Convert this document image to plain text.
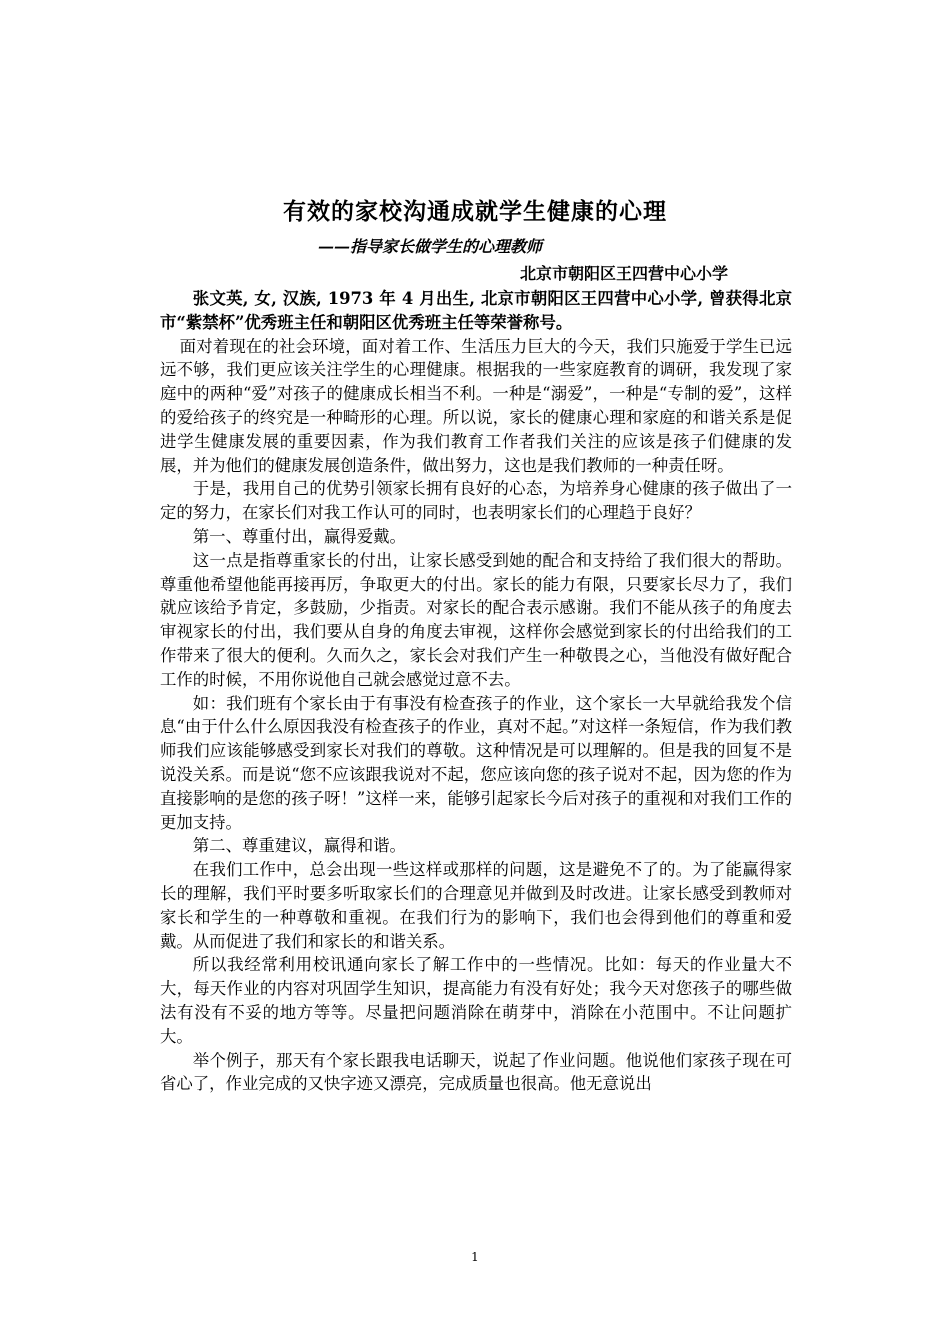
有效的家校沟通成就学生健康的心理
——指导家长做学生的心理教师
北京市朝阳区王四营中心小学

张文英, 女, 汉族, 1973 年 4 月出生, 北京市朝阳区王四营中心小学, 曾获得北京市“紫禁杯”优秀班主任和朝阳区优秀班主任等荣誉称号。

面对着现在的社会环境，面对着工作、生活压力巨大的今天，我们只施爱于学生已远远不够，我们更应该关注学生的心理健康。根据我的一些家庭教育的调研，我发现了家庭中的两种“爱”对孩子的健康成长相当不利。一种是“溺爱”，一种是“专制的爱”，这样的爱给孩子的终究是一种畸形的心理。所以说，家长的健康心理和家庭的和谐关系是促进学生健康发展的重要因素，作为我们教育工作者我们关注的应该是孩子们健康的发展，并为他们的健康发展创造条件，做出努力，这也是我们教师的一种责任呀。

于是，我用自己的优势引领家长拥有良好的心态，为培养身心健康的孩子做出了一定的努力，在家长们对我工作认可的同时，也表明家长们的心理趋于良好？

第一、尊重付出，赢得爱戴。

这一点是指尊重家长的付出，让家长感受到她的配合和支持给了我们很大的帮助。尊重他希望他能再接再厉，争取更大的付出。家长的能力有限，只要家长尽力了，我们就应该给予肯定，多鼓励，少指责。对家长的配合表示感谢。我们不能从孩子的角度去审视家长的付出，我们要从自身的角度去审视，这样你会感觉到家长的付出给我们的工作带来了很大的便利。久而久之，家长会对我们产生一种敬畏之心，当他没有做好配合工作的时候，不用你说他自己就会感觉过意不去。

如：我们班有个家长由于有事没有检查孩子的作业，这个家长一大早就给我发个信息“由于什么什么原因我没有检查孩子的作业，真对不起。”对这样一条短信，作为我们教师我们应该能够感受到家长对我们的尊敬。这种情况是可以理解的。但是我的回复不是说没关系。而是说“您不应该跟我说对不起，您应该向您的孩子说对不起，因为您的作为直接影响的是您的孩子呀！”这样一来，能够引起家长今后对孩子的重视和对我们工作的更加支持。

第二、尊重建议，赢得和谐。

在我们工作中，总会出现一些这样或那样的问题，这是避免不了的。为了能赢得家长的理解，我们平时要多听取家长们的合理意见并做到及时改进。让家长感受到教师对家长和学生的一种尊敬和重视。在我们行为的影响下，我们也会得到他们的尊重和爱戴。从而促进了我们和家长的和谐关系。

所以我经常利用校讯通向家长了解工作中的一些情况。比如：每天的作业量大不大，每天作业的内容对巩固学生知识，提高能力有没有好处；我今天对您孩子的哪些做法有没有不妥的地方等等。尽量把问题消除在萌芽中，消除在小范围中。不让问题扩大。

举个例子，那天有个家长跟我电话聊天，说起了作业问题。他说他们家孩子现在可省心了，作业完成的又快字迹又漂亮，完成质量也很高。他无意说出

1
